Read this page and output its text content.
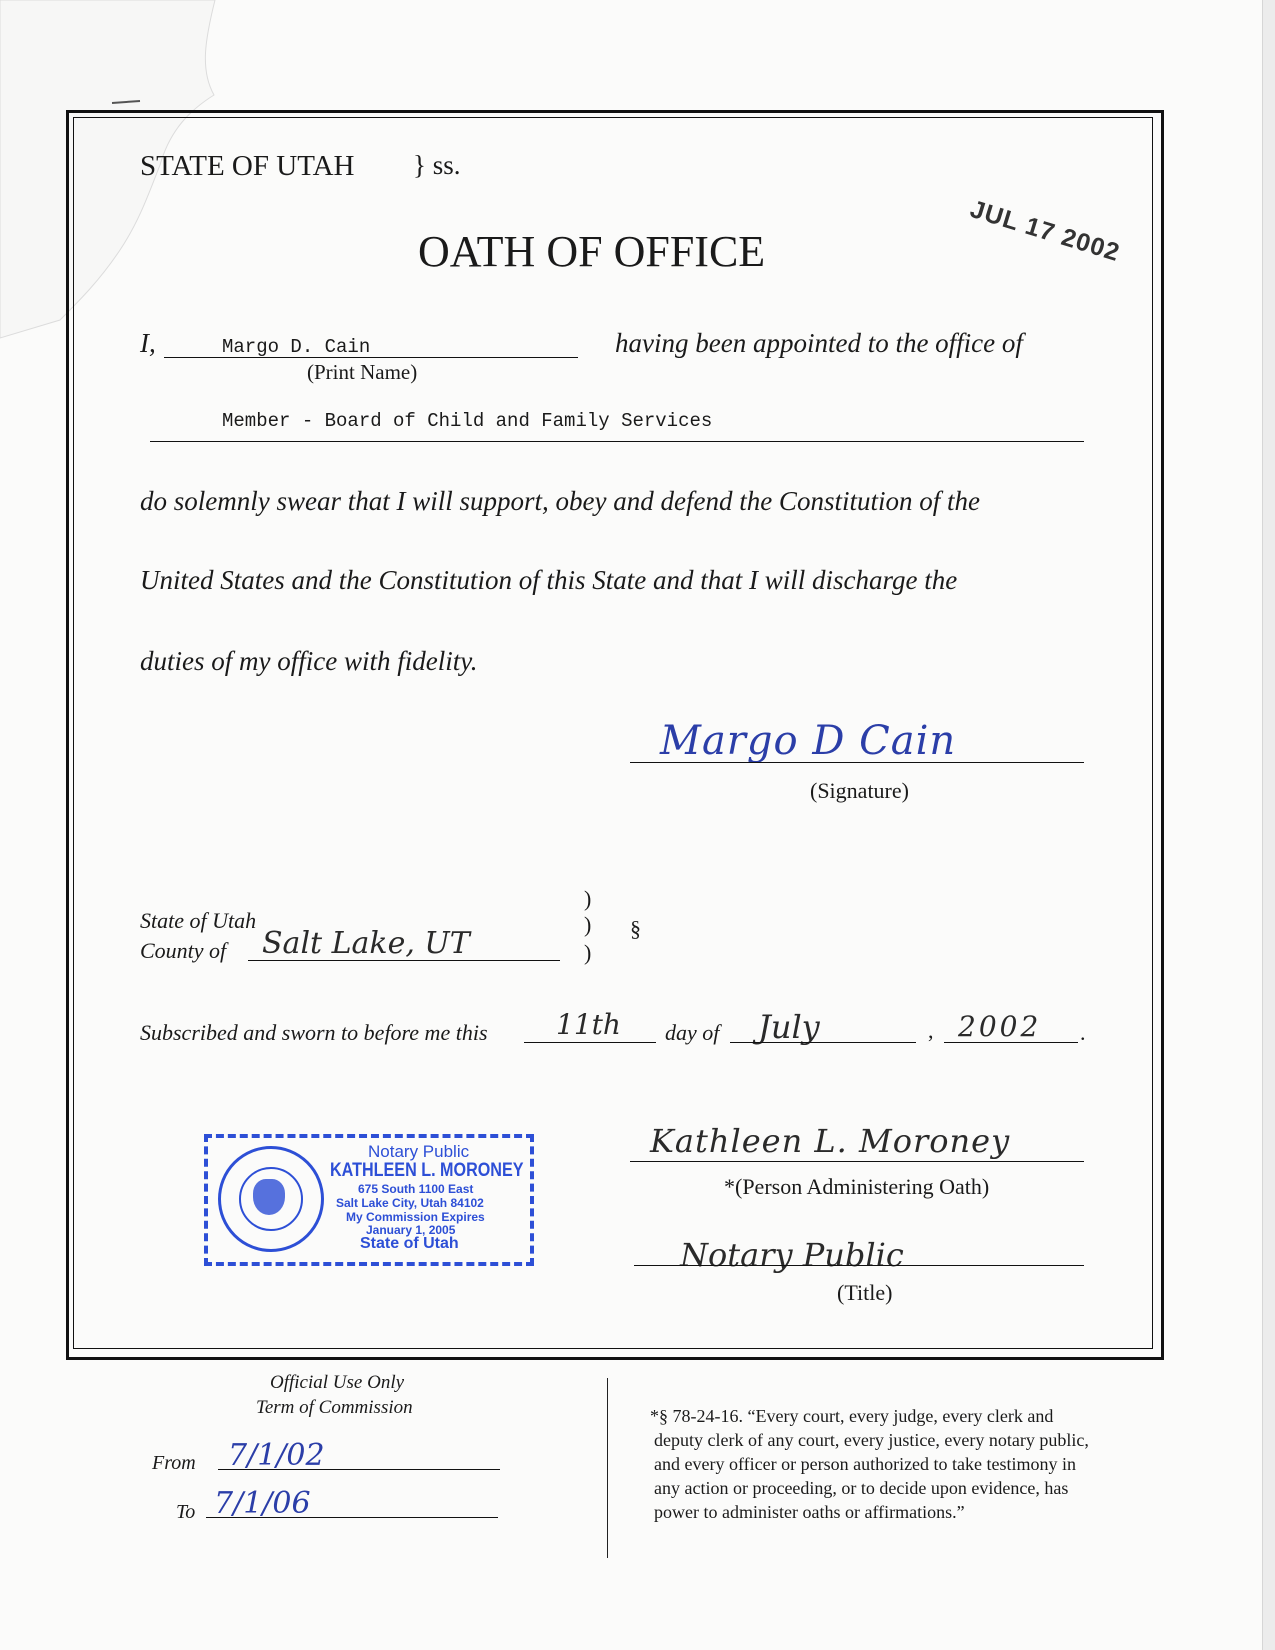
STATE OF UTAH } ss.
JUL 17 2002
OATH OF OFFICE
I,	Margo D. Cain
(Print Name)
having been appointed to the office of
Member - Board of Child and Family Services
do solemnly swear that I will support, obey and defend the Constitution of the
United States and the Constitution of this State and that I will discharge the
duties of my office with fidelity.
Margo D Cain
(Signature)
State of Utah
County of Salt Lake, UT
)
)
)
§
Subscribed and sworn to before me this 11th day of July	, 2002 .
Notary Public
KATHLEEN L. MORONEY
675 South 1100 East
Salt Lake City, Utah 84102
My Commission Expires
January 1, 2005
State of Utah
Kathleen L. Moroney
*(Person Administering Oath)
Notary Public
(Title)
Official Use Only
Term of Commission
From 7/1/02
To 7/1/06
*§ 78-24-16. “Every court, every judge, every clerk and
deputy clerk of any court, every justice, every notary public,
and every officer or person authorized to take testimony in
any action or proceeding, or to decide upon evidence, has
power to administer oaths or affirmations.”
